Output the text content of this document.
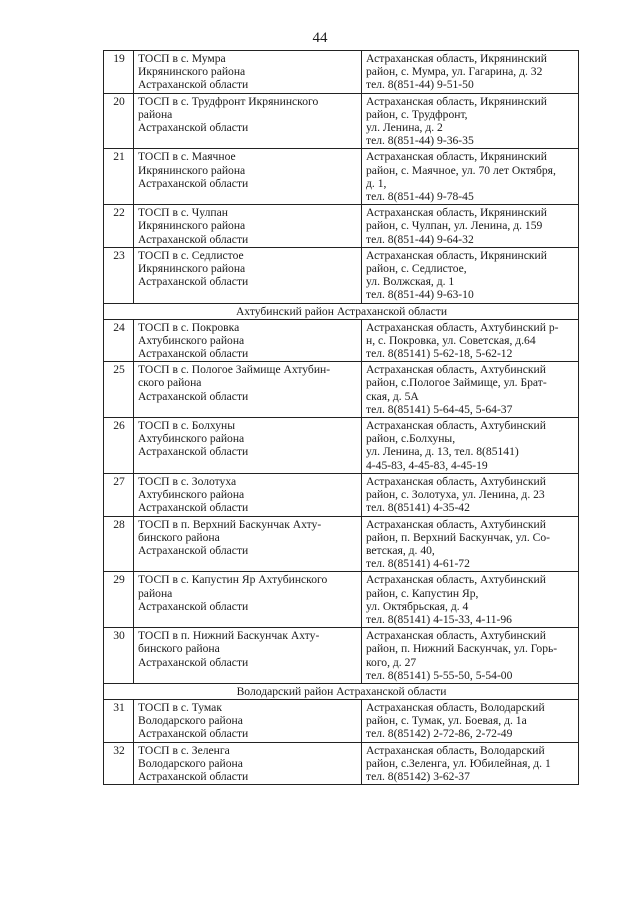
44
19	ТОСП в с. Мумра
Икрянинского района
Астраханской области	Астраханская область, Икрянинский
район, с. Мумра, ул. Гагарина, д. 32
тел. 8(851-44) 9-51-50

20	ТОСП в с. Трудфронт Икрянинского
района
Астраханской области	Астраханская область, Икрянинский
район, с. Трудфронт,
ул. Ленина, д. 2
тел. 8(851-44) 9-36-35

21	ТОСП в с. Маячное
Икрянинского района
Астраханской области	Астраханская область, Икрянинский
район, с. Маячное, ул. 70 лет Октября,
д. 1,
тел. 8(851-44) 9-78-45

22	ТОСП в с. Чулпан
Икрянинского района
Астраханской области	Астраханская область, Икрянинский
район, с. Чулпан, ул. Ленина, д. 159
тел. 8(851-44) 9-64-32

23	ТОСП в с. Седлистое
Икрянинского района
Астраханской области	Астраханская область, Икрянинский
район, с. Седлистое,
ул. Волжская, д. 1
тел. 8(851-44) 9-63-10

Ахтубинский район Астраханской области		
24	ТОСП в с. Покровка
Ахтубинского района
Астраханской области	Астраханская область, Ахтубинский р-
н, с. Покровка, ул. Советская, д.64
тел. 8(85141) 5-62-18, 5-62-12

25	ТОСП в с. Пологое Займище Ахтубин-
ского района
Астраханской области	Астраханская область, Ахтубинский
район, с.Пологое Займище, ул. Брат-
ская, д. 5А
тел. 8(85141) 5-64-45, 5-64-37

26	ТОСП в с. Болхуны
Ахтубинского района
Астраханской области	Астраханская область, Ахтубинский
район, с.Болхуны,
ул. Ленина, д. 13, тел. 8(85141)
4-45-83, 4-45-83, 4-45-19

27	ТОСП в с. Золотуха
Ахтубинского района
Астраханской области	Астраханская область, Ахтубинский
район, с. Золотуха, ул. Ленина, д. 23
тел. 8(85141) 4-35-42

28	ТОСП в п. Верхний Баскунчак Ахту-
бинского района
Астраханской области	Астраханская область, Ахтубинский
район, п. Верхний Баскунчак, ул. Со-
ветская, д. 40,
тел. 8(85141) 4-61-72

29	ТОСП в с. Капустин Яр Ахтубинского
района
Астраханской области	Астраханская область, Ахтубинский
район, с. Капустин Яр,
ул. Октябрьская, д. 4
тел. 8(85141) 4-15-33, 4-11-96

30	ТОСП в п. Нижний Баскунчак Ахту-
бинского района
Астраханской области	Астраханская область, Ахтубинский
район, п. Нижний Баскунчак, ул. Горь-
кого, д. 27
тел. 8(85141) 5-55-50, 5-54-00

Володарский район Астраханской области		
31	ТОСП в с. Тумак
Володарского района
Астраханской области	Астраханская область, Володарский
район, с. Тумак, ул. Боевая, д. 1а
тел. 8(85142) 2-72-86, 2-72-49

32	ТОСП в с. Зеленга
Володарского района
Астраханской области	Астраханская область, Володарский
район, с.Зеленга, ул. Юбилейная, д. 1
тел. 8(85142) 3-62-37
